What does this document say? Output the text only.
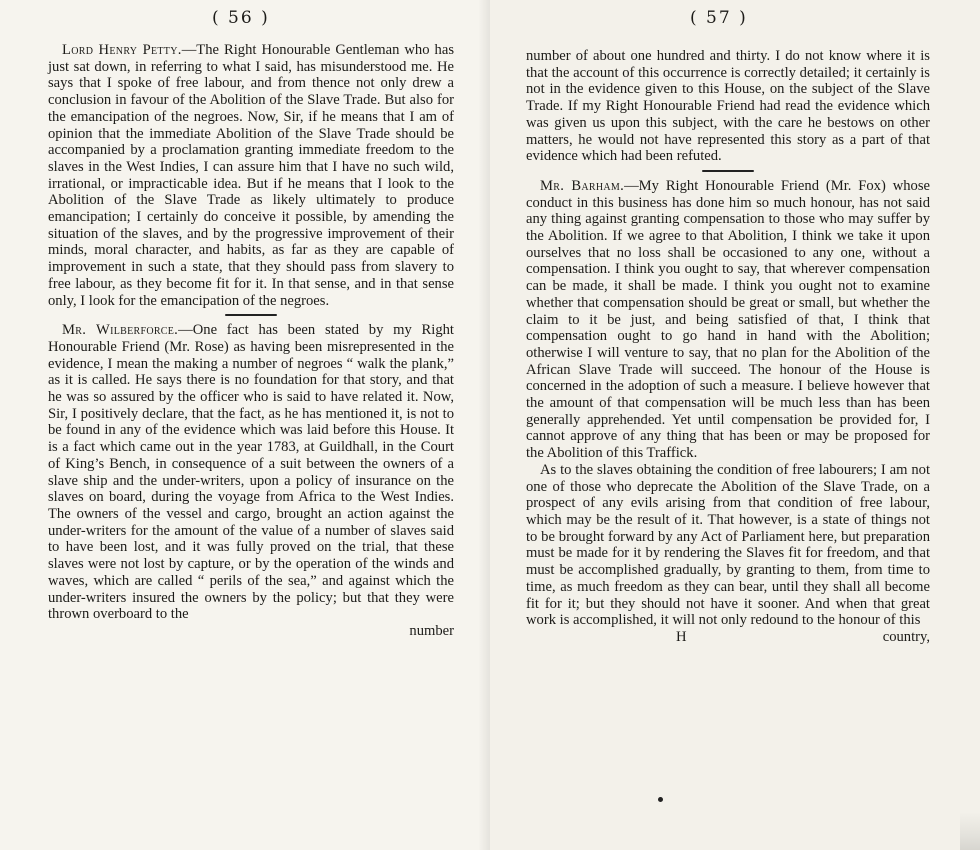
( 56 )

Lord Henry Petty.—The Right Honourable Gentleman who has just sat down, in referring to what I said, has misunderstood me. He says that I spoke of free labour, and from thence not only drew a conclusion in favour of the Abolition of the Slave Trade. But also for the emancipation of the negroes. Now, Sir, if he means that I am of opinion that the immediate Abolition of the Slave Trade should be accompanied by a proclamation granting immediate freedom to the slaves in the West Indies, I can assure him that I have no such wild, irrational, or impracticable idea. But if he means that I look to the Abolition of the Slave Trade as likely ultimately to produce emancipation; I certainly do conceive it possible, by amending the situation of the slaves, and by the progressive improvement of their minds, moral character, and habits, as far as they are capable of improvement in such a state, that they should pass from slavery to free labour, as they become fit for it. In that sense, and in that sense only, I look for the emancipation of the negroes.

Mr. Wilberforce.—One fact has been stated by my Right Honourable Friend (Mr. Rose) as having been misrepresented in the evidence, I mean the making a number of negroes “ walk the plank,” as it is called. He says there is no foundation for that story, and that he was so assured by the officer who is said to have related it. Now, Sir, I positively declare, that the fact, as he has mentioned it, is not to be found in any of the evidence which was laid before this House. It is a fact which came out in the year 1783, at Guildhall, in the Court of King’s Bench, in consequence of a suit between the owners of a slave ship and the under-writers, upon a policy of insurance on the slaves on board, during the voyage from Africa to the West Indies. The owners of the vessel and cargo, brought an action against the under-writers for the amount of the value of a number of slaves said to have been lost, and it was fully proved on the trial, that these slaves were not lost by capture, or by the operation of the winds and waves, which are called “ perils of the sea,” and against which the under-writers insured the owners by the policy; but that they were thrown overboard to the

number
( 57 )

number of about one hundred and thirty. I do not know where it is that the account of this occurrence is correctly detailed; it certainly is not in the evidence given to this House, on the subject of the Slave Trade. If my Right Honourable Friend had read the evidence which was given us upon this subject, with the care he bestows on other matters, he would not have represented this story as a part of that evidence which had been refuted.

Mr. Barham.—My Right Honourable Friend (Mr. Fox) whose conduct in this business has done him so much honour, has not said any thing against granting compensation to those who may suffer by the Abolition. If we agree to that Abolition, I think we take it upon ourselves that no loss shall be occasioned to any one, without a compensation. I think you ought to say, that wherever compensation can be made, it shall be made. I think you ought not to examine whether that compensation should be great or small, but whether the claim to it be just, and being satisfied of that, I think that compensation ought to go hand in hand with the Abolition; otherwise I will venture to say, that no plan for the Abolition of the African Slave Trade will succeed. The honour of the House is concerned in the adoption of such a measure. I believe however that the amount of that compensation will be much less than has been generally apprehended. Yet until compensation be provided for, I cannot approve of any thing that has been or may be proposed for the Abolition of this Traffick.

As to the slaves obtaining the condition of free labourers; I am not one of those who deprecate the Abolition of the Slave Trade, on a prospect of any evils arising from that condition of free labour, which may be the result of it. That however, is a state of things not to be brought forward by any Act of Parliament here, but preparation must be made for it by rendering the Slaves fit for freedom, and that must be accomplished gradually, by granting to them, from time to time, as much freedom as they can bear, until they shall all become fit for it; but they should not have it sooner. And when that great work is accomplished, it will not only redound to the honour of this

H	country,
